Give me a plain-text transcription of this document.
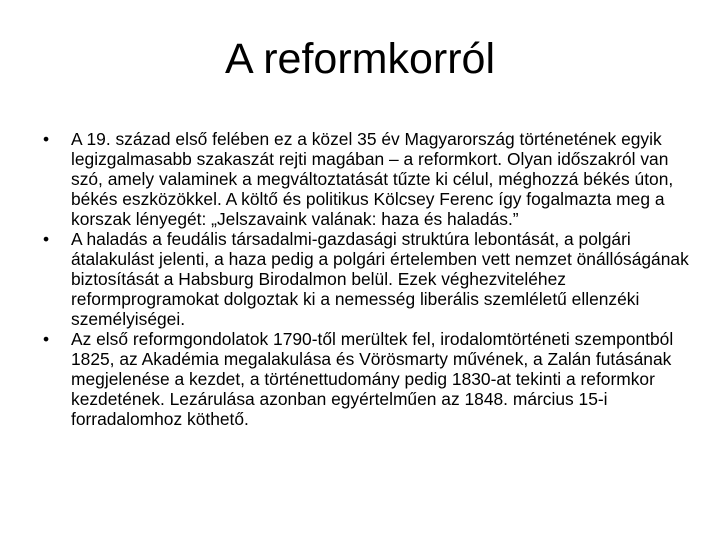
A reformkorról
• A 19. század első felében ez a közel 35 év Magyarország történetének egyik legizgalmasabb szakaszát rejti magában – a reformkort. Olyan időszakról van szó, amely valaminek a megváltoztatását tűzte ki célul, méghozzá békés úton, békés eszközökkel. A költő és politikus Kölcsey Ferenc így fogalmazta meg a korszak lényegét: „Jelszavaink valának: haza és haladás.”
• A haladás a feudális társadalmi-gazdasági struktúra lebontását, a polgári átalakulást jelenti, a haza pedig a polgári értelemben vett nemzet önállóságának biztosítását a Habsburg Birodalmon belül. Ezek véghezviteléhez reformprogramokat dolgoztak ki a nemesség liberális szemléletű ellenzéki személyiségei.
• Az első reformgondolatok 1790-től merültek fel, irodalomtörténeti szempontból 1825, az Akadémia megalakulása és Vörösmarty művének, a Zalán futásának megjelenése a kezdet, a történettudomány pedig 1830-at tekinti a reformkor kezdetének. Lezárulása azonban egyértelműen az 1848. március 15-i forradalomhoz köthető.
